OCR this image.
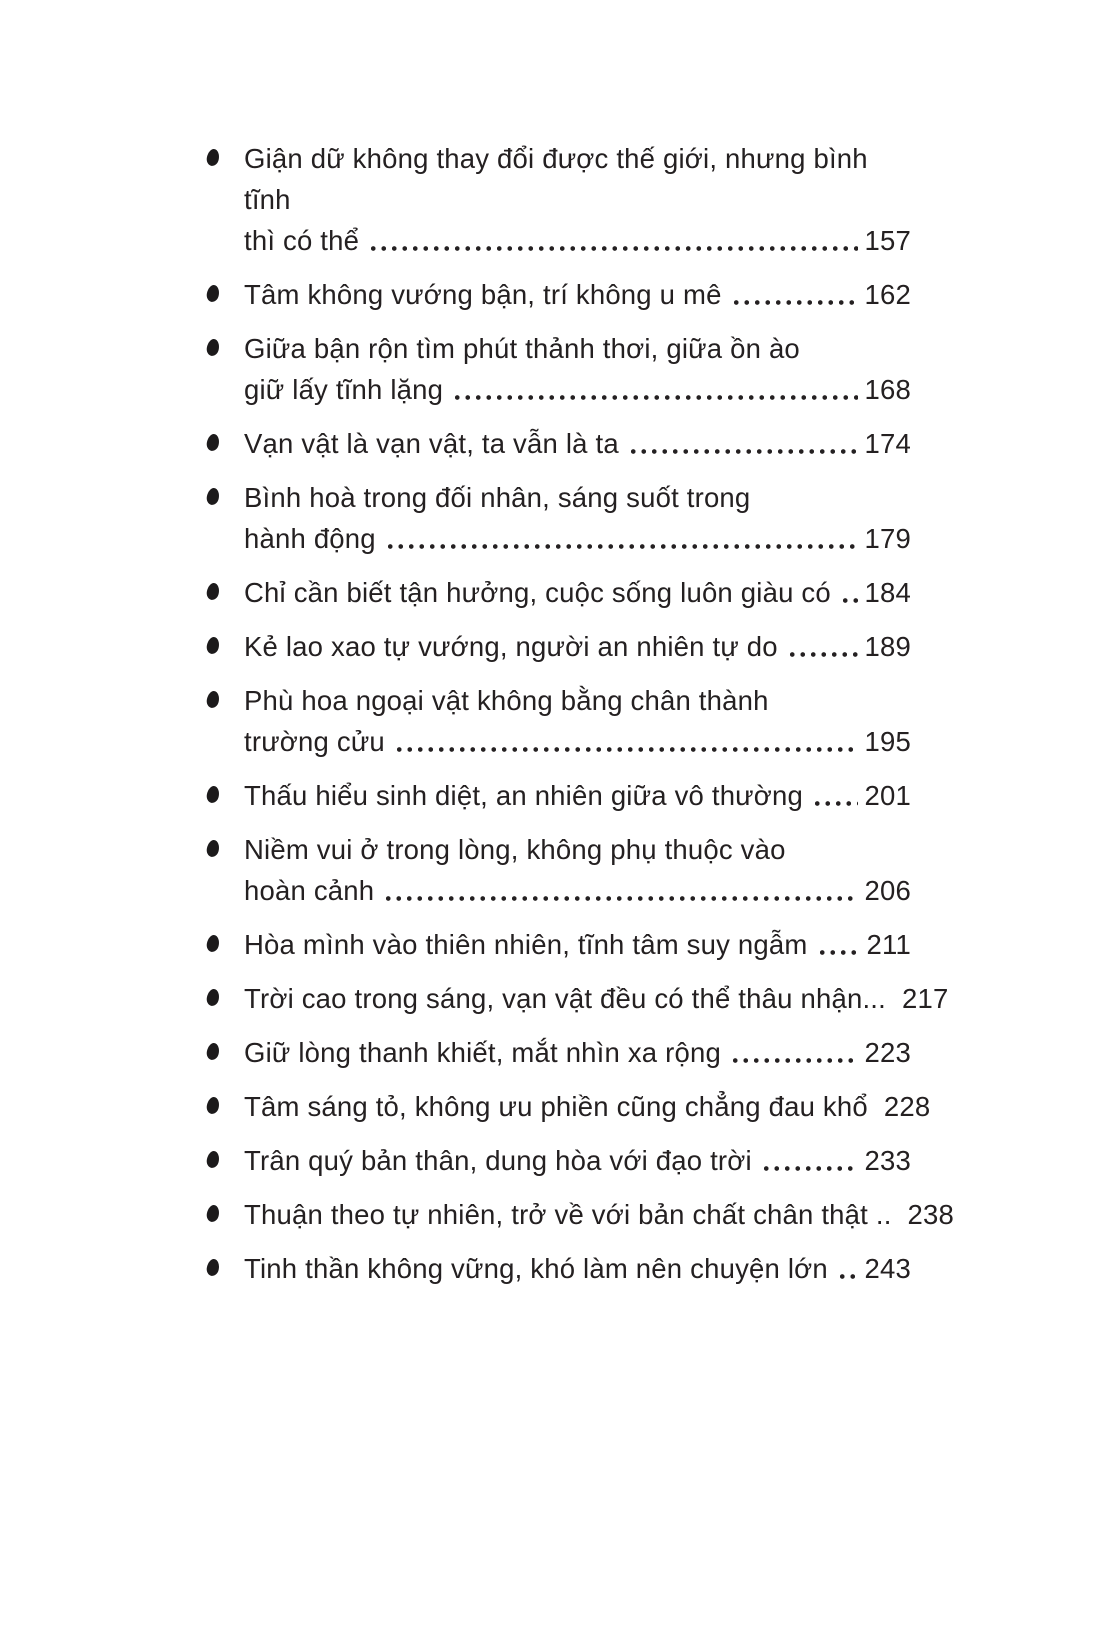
Giận dữ không thay đổi được thế giới, nhưng bình tĩnh
thì có thể	157
Tâm không vướng bận, trí không u mê	162
Giữa bận rộn tìm phút thảnh thơi, giữa ồn ào
giữ lấy tĩnh lặng	168
Vạn vật là vạn vật, ta vẫn là ta	174
Bình hoà trong đối nhân, sáng suốt trong
hành động	179
Chỉ cần biết tận hưởng, cuộc sống luôn giàu có 184
Kẻ lao xao tự vướng, người an nhiên tự do	189
Phù hoa ngoại vật không bằng chân thành
trường cửu	195
Thấu hiểu sinh diệt, an nhiên giữa vô thường 201
Niềm vui ở trong lòng, không phụ thuộc vào
hoàn cảnh	206
Hòa mình vào thiên nhiên, tĩnh tâm suy ngẫm 211
Trời cao trong sáng, vạn vật đều có thể thâu nhận... 217
Giữ lòng thanh khiết, mắt nhìn xa rộng	223
Tâm sáng tỏ, không ưu phiền cũng chẳng đau khổ 228
Trân quý bản thân, dung hòa với đạo trời	233
Thuận theo tự nhiên, trở về với bản chất chân thật .. 238
Tinh thần không vững, khó làm nên chuyện lớn 243
